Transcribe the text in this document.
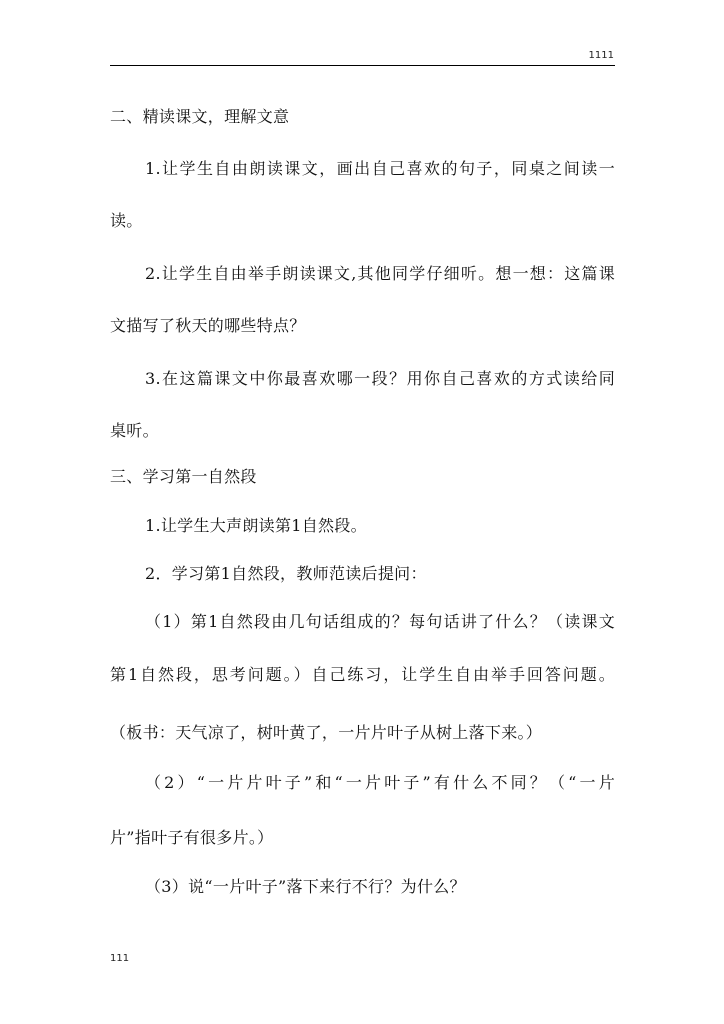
1111
二、精读课文，理解文意
1.让学生自由朗读课文，画出自己喜欢的句子，同桌之间读一
读。
2.让学生自由举手朗读课文,其他同学仔细听。想一想：这篇课
文描写了秋天的哪些特点？
3.在这篇课文中你最喜欢哪一段？用你自己喜欢的方式读给同
桌听。
三、学习第一自然段
1.让学生大声朗读第1自然段。
2．学习第1自然段，教师范读后提问：
（1）第1自然段由几句话组成的？每句话讲了什么？（读课文
第1自然段，思考问题。）自己练习，让学生自由举手回答问题。
（板书：天气凉了，树叶黄了，一片片叶子从树上落下来。）
（2）“一片片叶子”和“一片叶子”有什么不同？（“一片
片”指叶子有很多片。）
（3）说“一片叶子”落下来行不行？为什么？
111
